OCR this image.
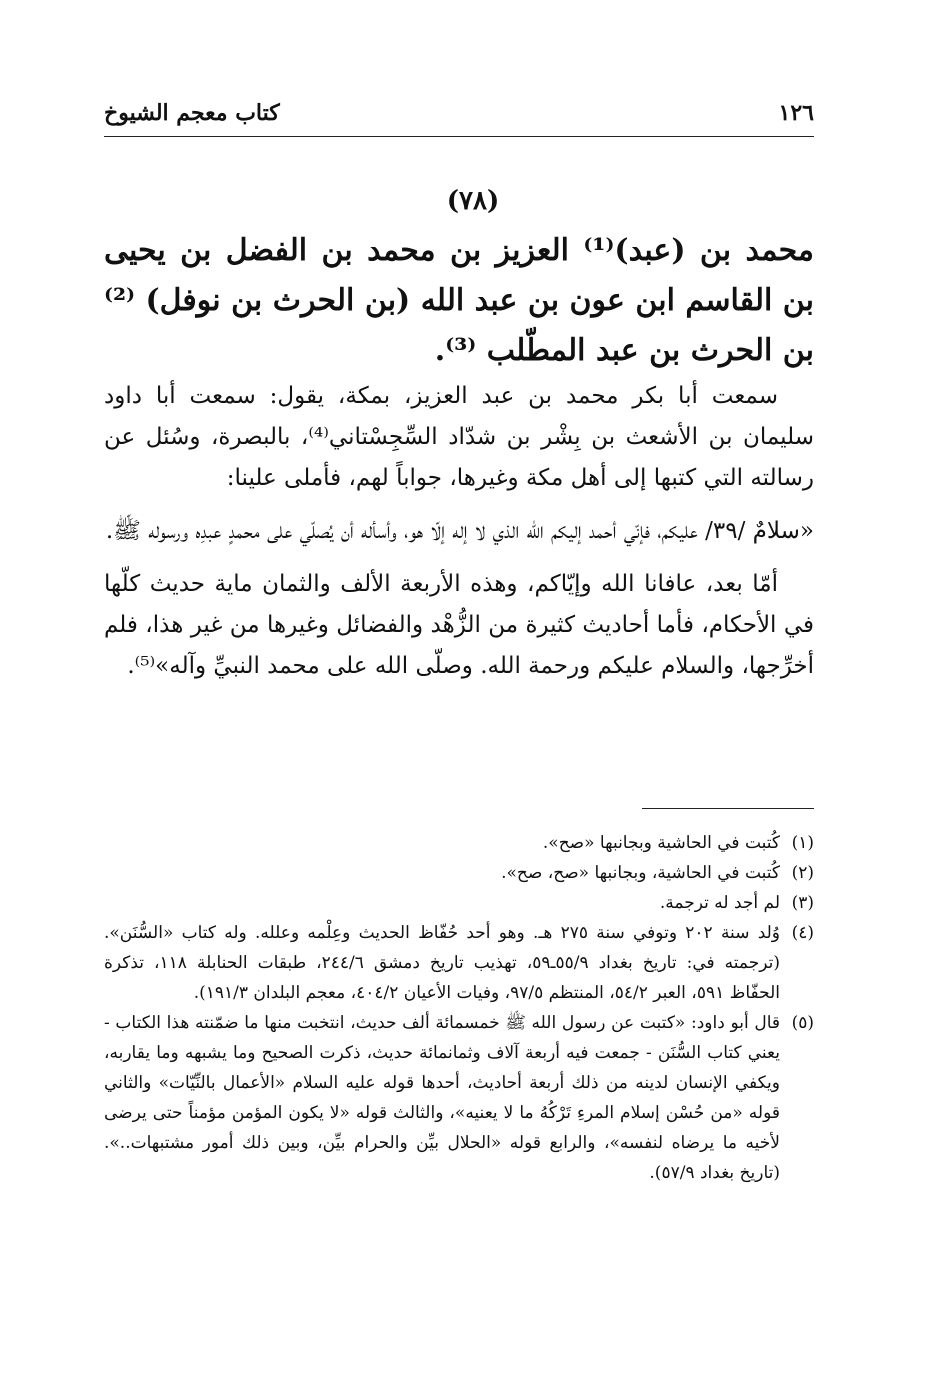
١٢٦
كتاب معجم الشيوخ
(٧٨)
محمد بن (عبد)⁽¹⁾ العزيز بن محمد بن الفضل بن يحيى بن القاسم ابن عون بن عبد الله (بن الحرث بن نوفل) ⁽²⁾ بن الحرث بن عبد المطّلب ⁽³⁾.

سمعت أبا بكر محمد بن عبد العزيز، بمكة، يقول: سمعت أبا داود سليمان بن الأشعث بن بِشْر بن شدّاد السِّجِسْتاني⁽⁴⁾، بالبصرة، وسُئل عن رسالته التي كتبها إلى أهل مكة وغيرها، جواباً لهم، فأملى علينا:

«سلامٌ /٣٩/ عليكم، فإنّي أحمد إليكم الله الذي لا إله إلّا هو، وأسأله أن يُصلّي على محمدٍ عبدِه ورسوله ﷺ.

أمّا بعد، عافانا الله وإيّاكم، وهذه الأربعة الألف والثمان ماية حديث كلّها في الأحكام، فأما أحاديث كثيرة من الزُّهْد والفضائل وغيرها من غير هذا، فلم أخرِّجها، والسلام عليكم ورحمة الله. وصلّى الله على محمد النبيِّ وآله»⁽⁵⁾.

(١)
كُتبت في الحاشية وبجانبها «صح».
(٢)
كُتبت في الحاشية، وبجانبها «صح، صح».
(٣)
لم أجد له ترجمة.
(٤)
وُلد سنة ٢٠٢ وتوفي سنة ٢٧٥ هـ. وهو أحد حُفّاظ الحديث وعِلْمه وعلله. وله كتاب «السُّنَن». (ترجمته في: تاريخ بغداد ٥٥/٩ـ٥٩، تهذيب تاريخ دمشق ٢٤٤/٦، طبقات الحنابلة ١١٨، تذكرة الحفّاظ ٥٩١، العبر ٥٤/٢، المنتظم ٩٧/٥، وفيات الأعيان ٤٠٤/٢، معجم البلدان ١٩١/٣).
(٥)
قال أبو داود: «كتبت عن رسول الله ﷺ خمسمائة ألف حديث، انتخبت منها ما ضمّنته هذا الكتاب - يعني كتاب السُّنَن - جمعت فيه أربعة آلاف وثمانمائة حديث، ذكرت الصحيح وما يشبهه وما يقاربه، ويكفي الإنسان لدينه من ذلك أربعة أحاديث، أحدها قوله عليه السلام «الأعمال بالنِّيّات» والثاني قوله «من حُسْن إسلام المرءِ تَرْكُهُ ما لا يعنيه»، والثالث قوله «لا يكون المؤمن مؤمناً حتى يرضى لأخيه ما يرضاه لنفسه»، والرابع قوله «الحلال بيِّن والحرام بيِّن، وبين ذلك أمور مشتبهات..». (تاريخ بغداد ٥٧/٩).
